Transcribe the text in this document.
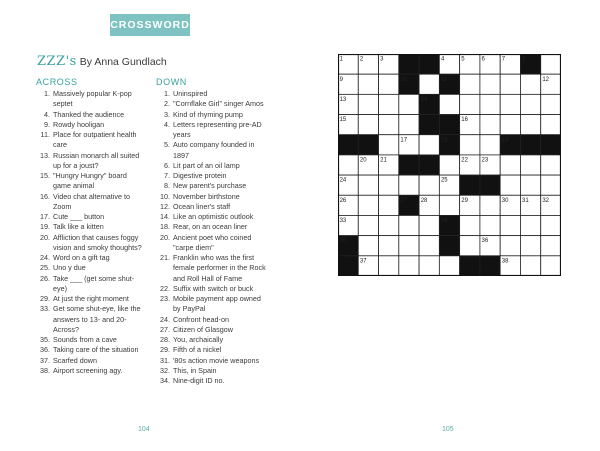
CROSSWORD
ZZZ's By Anna Gundlach
ACROSS
1. Massively popular K-pop septet
4. Thanked the audience
9. Rowdy hooligan
11. Place for outpatient health care
13. Russian monarch all suited up for a joust?
15. "Hungry Hungry" board game animal
16. Video chat alternative to Zoom
17. Cute ___ button
19. Talk like a kitten
20. Affliction that causes foggy vision and smoky thoughts?
24. Word on a gift tag
25. Uno y due
26. Take ___ (get some shut-eye)
29. At just the right moment
33. Get some shut-eye, like the answers to 13- and 20-Across?
35. Sounds from a cave
36. Taking care of the situation
37. Scarfed down
38. Airport screening agy.
DOWN
1. Uninspired
2. "Cornflake Girl" singer Amos
3. Kind of rhyming pump
4. Letters representing pre-AD years
5. Auto company founded in 1897
6. Lit part of an oil lamp
7. Digestive protein
8. New parent's purchase
10. November birthstone
12. Ocean liner's staff
14. Like an optimistic outlook
18. Rear, on an ocean liner
20. Ancient poet who coined "carpe diem"
21. Franklin who was the first female performer in the Rock and Roll Hall of Fame
22. Suffix with switch or buck
23. Mobile payment app owned by PayPal
24. Confront head-on
27. Citizen of Glasgow
28. You, archaically
29. Fifth of a nickel
31. '80s action movie weapons
32. This, in Spain
34. Nine-digit ID no.
1	2	3	4	5	6	7	8
9	10	11	12
13	14
15	16
17	18	19
20 21	22 23
24	25
26	27 28	29	30 31 32
33	34
35	36
37	38
104	105
